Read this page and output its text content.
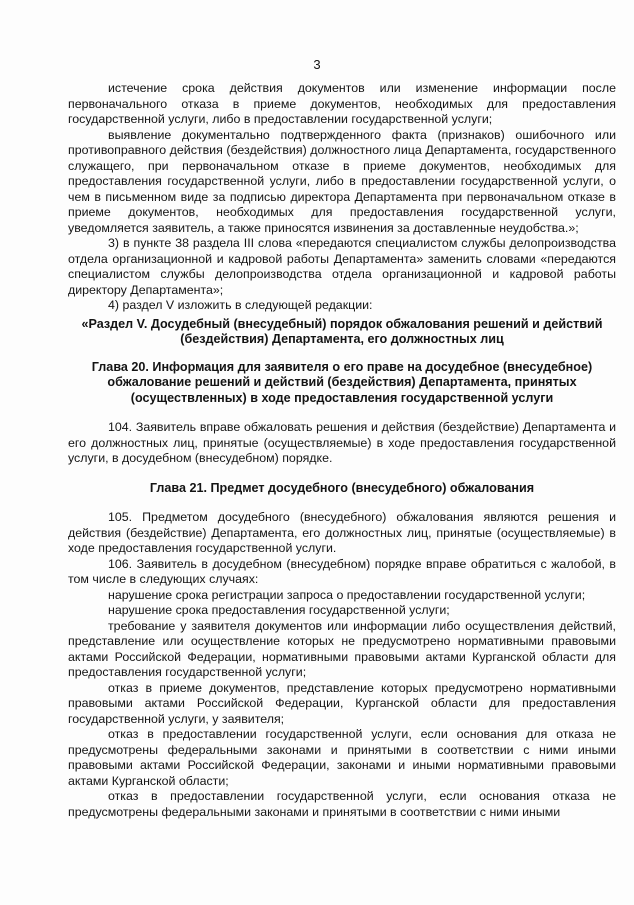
3

истечение срока действия документов или изменение информации после первоначального отказа в приеме документов, необходимых для предоставления государственной услуги, либо в предоставлении государственной услуги;

выявление документально подтвержденного факта (признаков) ошибочного или противоправного действия (бездействия) должностного лица Департамента, государственного служащего, при первоначальном отказе в приеме документов, необходимых для предоставления государственной услуги, либо в предоставлении государственной услуги, о чем в письменном виде за подписью директора Департамента при первоначальном отказе в приеме документов, необходимых для предоставления государственной услуги, уведомляется заявитель, а также приносятся извинения за доставленные неудобства.»;

3) в пункте 38 раздела III слова «передаются специалистом службы делопроизводства отдела организационной и кадровой работы Департамента» заменить словами «передаются специалистом службы делопроизводства отдела организационной и кадровой работы директору Департамента»;

4) раздел V изложить в следующей редакции:

«Раздел V. Досудебный (внесудебный) порядок обжалования решений и действий (бездействия) Департамента, его должностных лиц

Глава 20. Информация для заявителя о его праве на досудебное (внесудебное) обжалование решений и действий (бездействия) Департамента, принятых (осуществленных) в ходе предоставления государственной услуги

104. Заявитель вправе обжаловать решения и действия (бездействие) Департамента и его должностных лиц, принятые (осуществляемые) в ходе предоставления государственной услуги, в досудебном (внесудебном) порядке.

Глава 21. Предмет досудебного (внесудебного) обжалования

105. Предметом досудебного (внесудебного) обжалования являются решения и действия (бездействие) Департамента, его должностных лиц, принятые (осуществляемые) в ходе предоставления государственной услуги.

106. Заявитель в досудебном (внесудебном) порядке вправе обратиться с жалобой, в том числе в следующих случаях:

нарушение срока регистрации запроса о предоставлении государственной услуги;

нарушение срока предоставления государственной услуги;

требование у заявителя документов или информации либо осуществления действий, представление или осуществление которых не предусмотрено нормативными правовыми актами Российской Федерации, нормативными правовыми актами Курганской области для предоставления государственной услуги;

отказ в приеме документов, представление которых предусмотрено нормативными правовыми актами Российской Федерации, Курганской области для предоставления государственной услуги, у заявителя;

отказ в предоставлении государственной услуги, если основания для отказа не предусмотрены федеральными законами и принятыми в соответствии с ними иными правовыми актами Российской Федерации, законами и иными нормативными правовыми актами Курганской области;

отказ в предоставлении государственной услуги, если основания отказа не предусмотрены федеральными законами и принятыми в соответствии с ними иными
